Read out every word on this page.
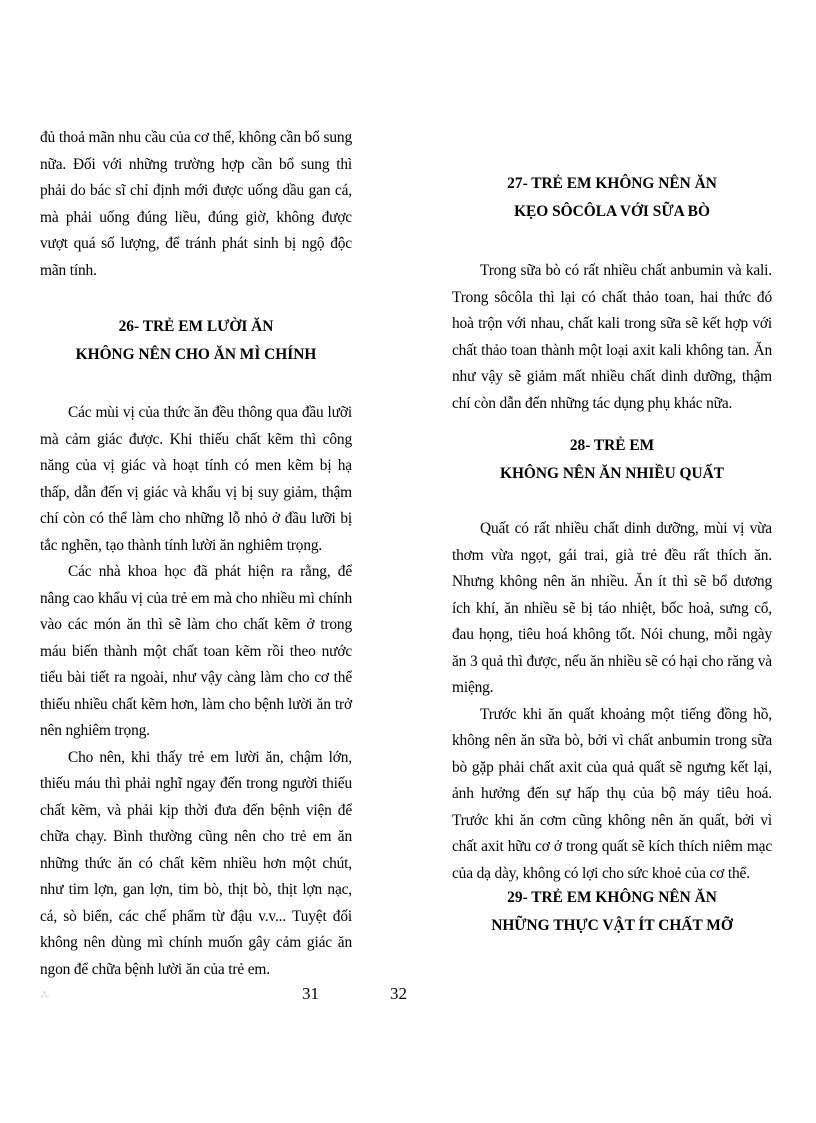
đủ thoả mãn nhu cầu của cơ thể, không cần bổ sung nữa. Đối với những trường hợp cần bổ sung thì phải do bác sĩ chỉ định mới được uống dầu gan cá, mà phải uống đúng liều, đúng giờ, không được vượt quá số lượng, để tránh phát sinh bị ngộ độc mãn tính.

26- TRẺ EM LƯỜI ĂN
KHÔNG NÊN CHO ĂN MÌ CHÍNH

Các mùi vị của thức ăn đều thông qua đầu lưỡi mà cảm giác được. Khi thiếu chất kẽm thì công năng của vị giác và hoạt tính có men kẽm bị hạ thấp, dẫn đến vị giác và khẩu vị bị suy giảm, thậm chí còn có thể làm cho những lỗ nhỏ ở đầu lưỡi bị tắc nghẽn, tạo thành tính lười ăn nghiêm trọng.

Các nhà khoa học đã phát hiện ra rằng, để nâng cao khẩu vị của trẻ em mà cho nhiều mì chính vào các món ăn thì sẽ làm cho chất kẽm ở trong máu biến thành một chất toan kẽm rồi theo nước tiểu bài tiết ra ngoài, như vậy càng làm cho cơ thể thiếu nhiều chất kẽm hơn, làm cho bệnh lười ăn trở nên nghiêm trọng.

Cho nên, khi thấy trẻ em lười ăn, chậm lớn, thiếu máu thì phải nghĩ ngay đến trong người thiếu chất kẽm, và phải kịp thời đưa đến bệnh viện để chữa chạy. Bình thường cũng nên cho trẻ em ăn những thức ăn có chất kẽm nhiều hơn một chút, như tim lợn, gan lợn, tim bò, thịt bò, thịt lợn nạc, cá, sò biển, các chế phẩm từ đậu v.v... Tuyệt đối không nên dùng mì chính muốn gây cảm giác ăn ngon để chữa bệnh lười ăn của trẻ em.

27- TRẺ EM KHÔNG NÊN ĂN
KẸO SÔCÔLA VỚI SỮA BÒ

Trong sữa bò có rất nhiều chất anbumin và kali. Trong sôcôla thì lại có chất thảo toan, hai thức đó hoà trộn với nhau, chất kali trong sữa sẽ kết hợp với chất thảo toan thành một loại axit kali không tan. Ăn như vậy sẽ giảm mất nhiều chất dinh dưỡng, thậm chí còn dẫn đến những tác dụng phụ khác nữa.

28- TRẺ EM
KHÔNG NÊN ĂN NHIỀU QUẤT

Quất có rất nhiều chất dinh dưỡng, mùi vị vừa thơm vừa ngọt, gái trai, già trẻ đều rất thích ăn. Nhưng không nên ăn nhiều. Ăn ít thì sẽ bổ dương ích khí, ăn nhiều sẽ bị táo nhiệt, bốc hoả, sưng cổ, đau họng, tiêu hoá không tốt. Nói chung, mỗi ngày ăn 3 quả thì được, nếu ăn nhiều sẽ có hại cho răng và miệng.

Trước khi ăn quất khoảng một tiếng đồng hồ, không nên ăn sữa bò, bởi vì chất anbumin trong sữa bò gặp phải chất axit của quả quất sẽ ngưng kết lại, ảnh hưởng đến sự hấp thụ của bộ máy tiêu hoá. Trước khi ăn cơm cũng không nên ăn quất, bởi vì chất axit hữu cơ ở trong quất sẽ kích thích niêm mạc của dạ dày, không có lợi cho sức khoẻ của cơ thể.

29- TRẺ EM KHÔNG NÊN ĂN
NHỮNG THỰC VẬT ÍT CHẤT MỠ
31	32
⁂
